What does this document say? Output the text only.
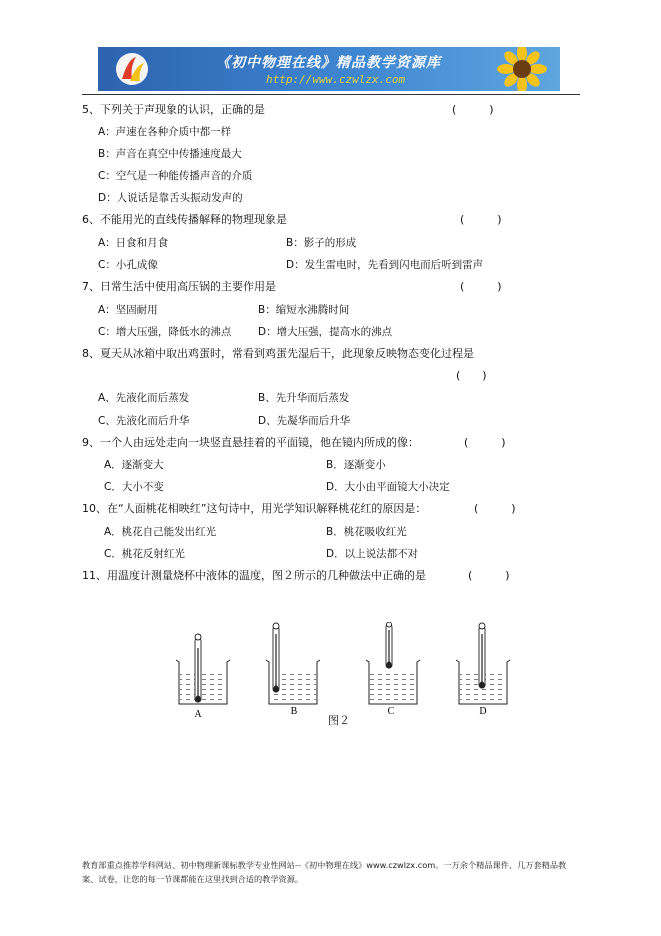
《初中物理在线》精品教学资源库
http://www.czwlzx.com
5、下列关于声现象的认识，正确的是	(　　　)
A：声速在各种介质中都一样
B：声音在真空中传播速度最大
C：空气是一种能传播声音的介质
D：人说话是靠舌头振动发声的
6、不能用光的直线传播解释的物理现象是	(　　　)
A：日食和月食	B：影子的形成
C：小孔成像	D：发生雷电时，先看到闪电而后听到雷声
7、日常生活中使用高压锅的主要作用是	(　　　)
A：坚固耐用	B：缩短水沸腾时间
C：增大压强，降低水的沸点	D：增大压强，提高水的沸点
8、夏天从冰箱中取出鸡蛋时，常看到鸡蛋先湿后干，此现象反映物态变化过程是
(　　)
A、先液化而后蒸发	B、先升华而后蒸发
C、先液化而后升华	D、先凝华而后升华
9、一个人由远处走向一块竖直悬挂着的平面镜，他在镜内所成的像：	(　　　)
A．逐渐变大	B．逐渐变小
C．大小不变	D．大小由平面镜大小决定
10、在“人面桃花相映红”这句诗中，用光学知识解释桃花红的原因是：	(　　　)
A．桃花自己能发出红光	B．桃花吸收红光
C．桃花反射红光	D．以上说法都不对
11、用温度计测量烧杯中液体的温度，图２所示的几种做法中正确的是	(　　　)
A	B	C	D
图２
教育部重点推荐学科网站、初中物理新课标教学专业性网站--《初中物理在线》www.czwlzx.com。一万余个精品课件、几万套精品教案、试卷，让您的每一节课都能在这里找到合适的教学资源。
